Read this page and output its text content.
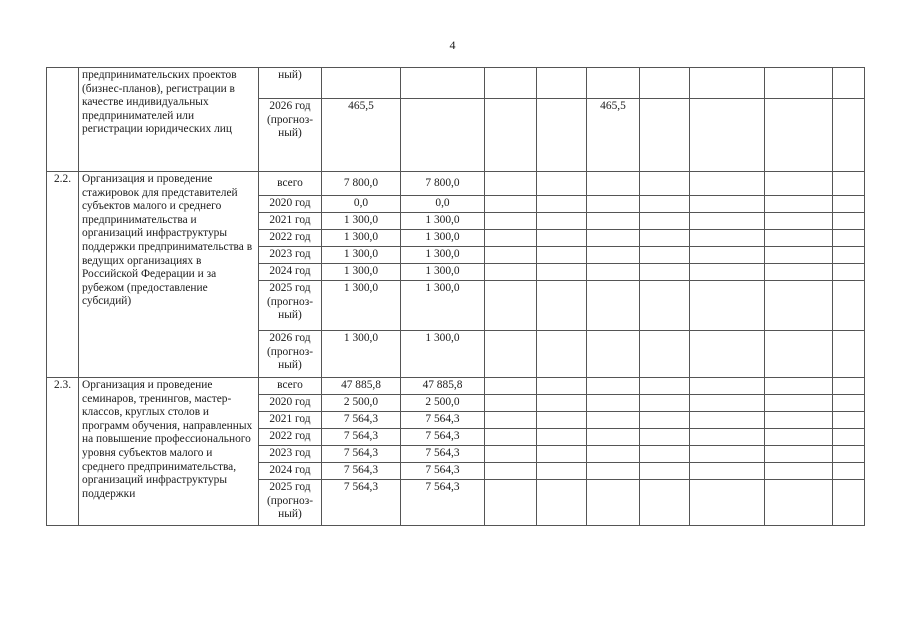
4
	предпринимательских проектов (бизнес-планов), регистрации в качестве индивидуальных предпринимателей или регистрации юридических лиц	ный)									
		2026 год (прогноз-ный)	465,5				465,5				
2.2.	Организация и проведение стажировок для представителей субъектов малого и среднего предпринимательства и организаций инфраструктуры поддержки предпринимательства в ведущих организациях в Российской Федерации и за рубежом (предоставление субсидий)	всего	7 800,0	7 800,0							
		2020 год	0,0	0,0							
		2021 год	1 300,0	1 300,0							
		2022 год	1 300,0	1 300,0							
		2023 год	1 300,0	1 300,0							
		2024 год	1 300,0	1 300,0							
		2025 год (прогноз-ный)	1 300,0	1 300,0							
		2026 год (прогноз-ный)	1 300,0	1 300,0							
2.3.	Организация и проведение семинаров, тренингов, мастер-классов, круглых столов и программ обучения, направленных на повышение профессионального уровня субъектов малого и среднего предпринимательства, организаций инфраструктуры поддержки	всего	47 885,8	47 885,8							
		2020 год	2 500,0	2 500,0							
		2021 год	7 564,3	7 564,3							
		2022 год	7 564,3	7 564,3							
		2023 год	7 564,3	7 564,3							
		2024 год	7 564,3	7 564,3							
		2025 год (прогноз-ный)	7 564,3	7 564,3							
